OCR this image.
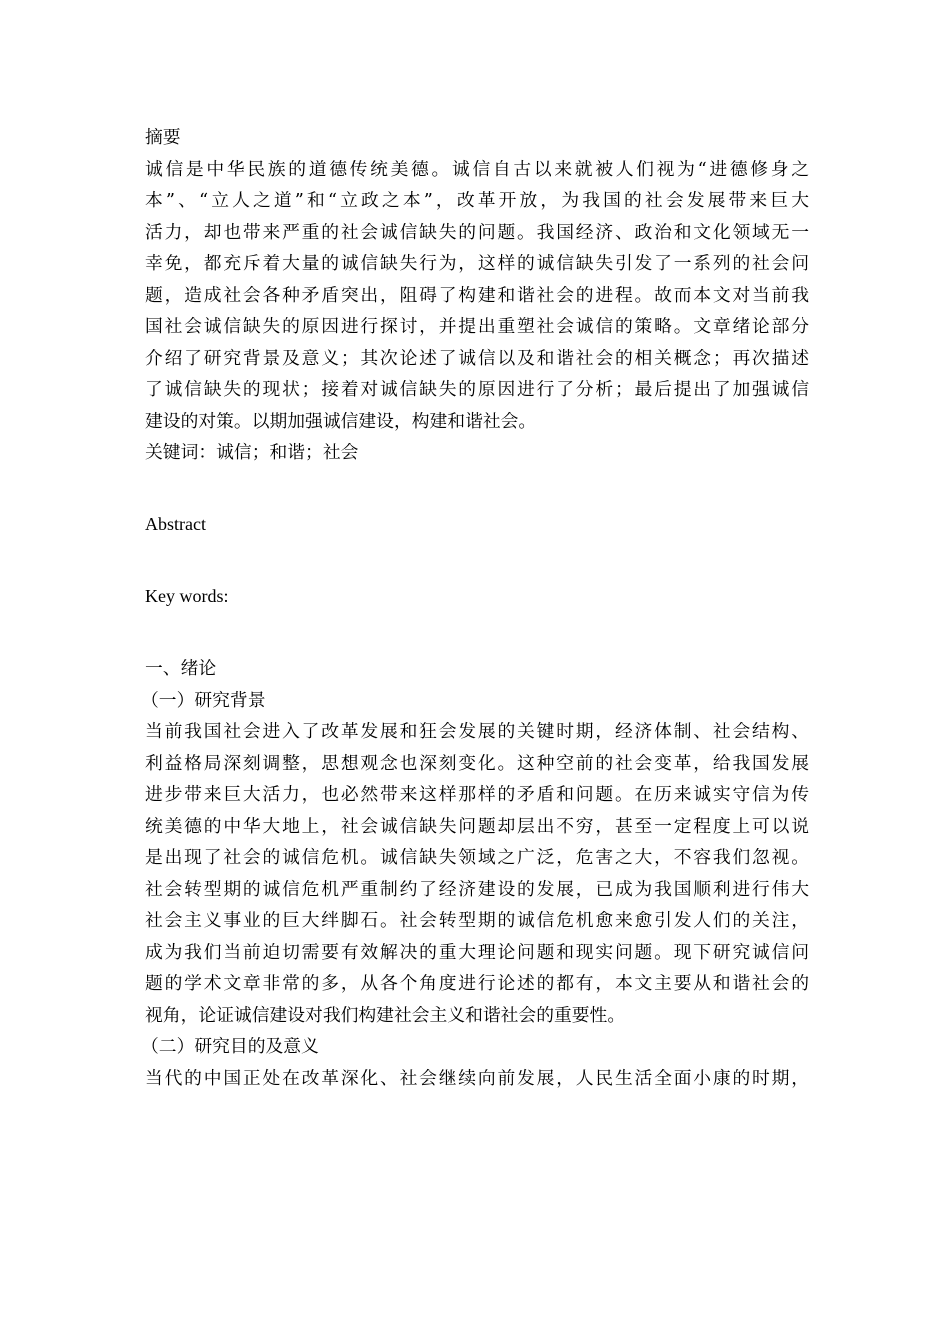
摘要
诚信是中华民族的道德传统美德。诚信自古以来就被人们视为“进德修身之
本”、“立人之道”和“立政之本”，改革开放，为我国的社会发展带来巨大
活力，却也带来严重的社会诚信缺失的问题。我国经济、政治和文化领域无一
幸免，都充斥着大量的诚信缺失行为，这样的诚信缺失引发了一系列的社会问
题，造成社会各种矛盾突出，阻碍了构建和谐社会的进程。故而本文对当前我
国社会诚信缺失的原因进行探讨，并提出重塑社会诚信的策略。文章绪论部分
介绍了研究背景及意义；其次论述了诚信以及和谐社会的相关概念；再次描述
了诚信缺失的现状；接着对诚信缺失的原因进行了分析；最后提出了加强诚信
建设的对策。以期加强诚信建设，构建和谐社会。
关键词：诚信；和谐；社会
Abstract
Key words:
一、绪论
（一）研究背景
当前我国社会进入了改革发展和狂会发展的关键时期，经济体制、社会结构、
利益格局深刻调整，思想观念也深刻变化。这种空前的社会变革，给我国发展
进步带来巨大活力，也必然带来这样那样的矛盾和问题。在历来诚实守信为传
统美德的中华大地上，社会诚信缺失问题却层出不穷，甚至一定程度上可以说
是出现了社会的诚信危机。诚信缺失领域之广泛，危害之大，不容我们忽视。
社会转型期的诚信危机严重制约了经济建设的发展，已成为我国顺利进行伟大
社会主义事业的巨大绊脚石。社会转型期的诚信危机愈来愈引发人们的关注，
成为我们当前迫切需要有效解决的重大理论问题和现实问题。现下研究诚信问
题的学术文章非常的多，从各个角度进行论述的都有，本文主要从和谐社会的
视角，论证诚信建设对我们构建社会主义和谐社会的重要性。
（二）研究目的及意义
当代的中国正处在改革深化、社会继续向前发展，人民生活全面小康的时期，
